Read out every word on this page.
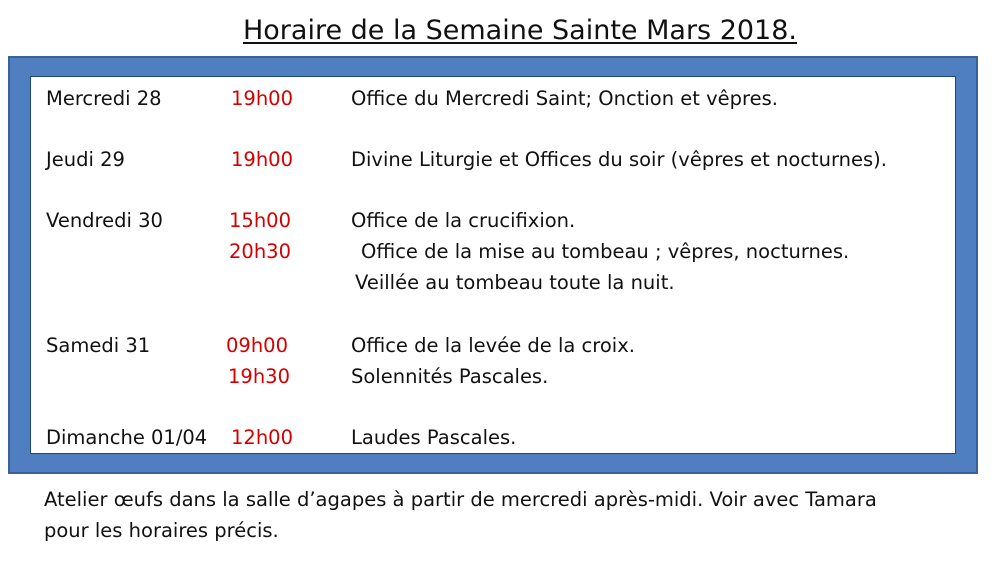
Horaire de la Semaine Sainte Mars 2018.
Mercredi 28	19h00	Office du Mercredi Saint; Onction et vêpres.
Jeudi 29	19h00	Divine Liturgie et Offices du soir (vêpres et nocturnes).
Vendredi 30	15h00	Office de la crucifixion.
20h30	Office de la mise au tombeau ; vêpres, nocturnes.
Veillée au tombeau toute la nuit.
Samedi 31	09h00	Office de la levée de la croix.
19h30	Solennités Pascales.
Dimanche 01/04 12h00	Laudes Pascales.
Atelier œufs dans la salle d’agapes à partir de mercredi après-midi. Voir avec Tamara
pour les horaires précis.
